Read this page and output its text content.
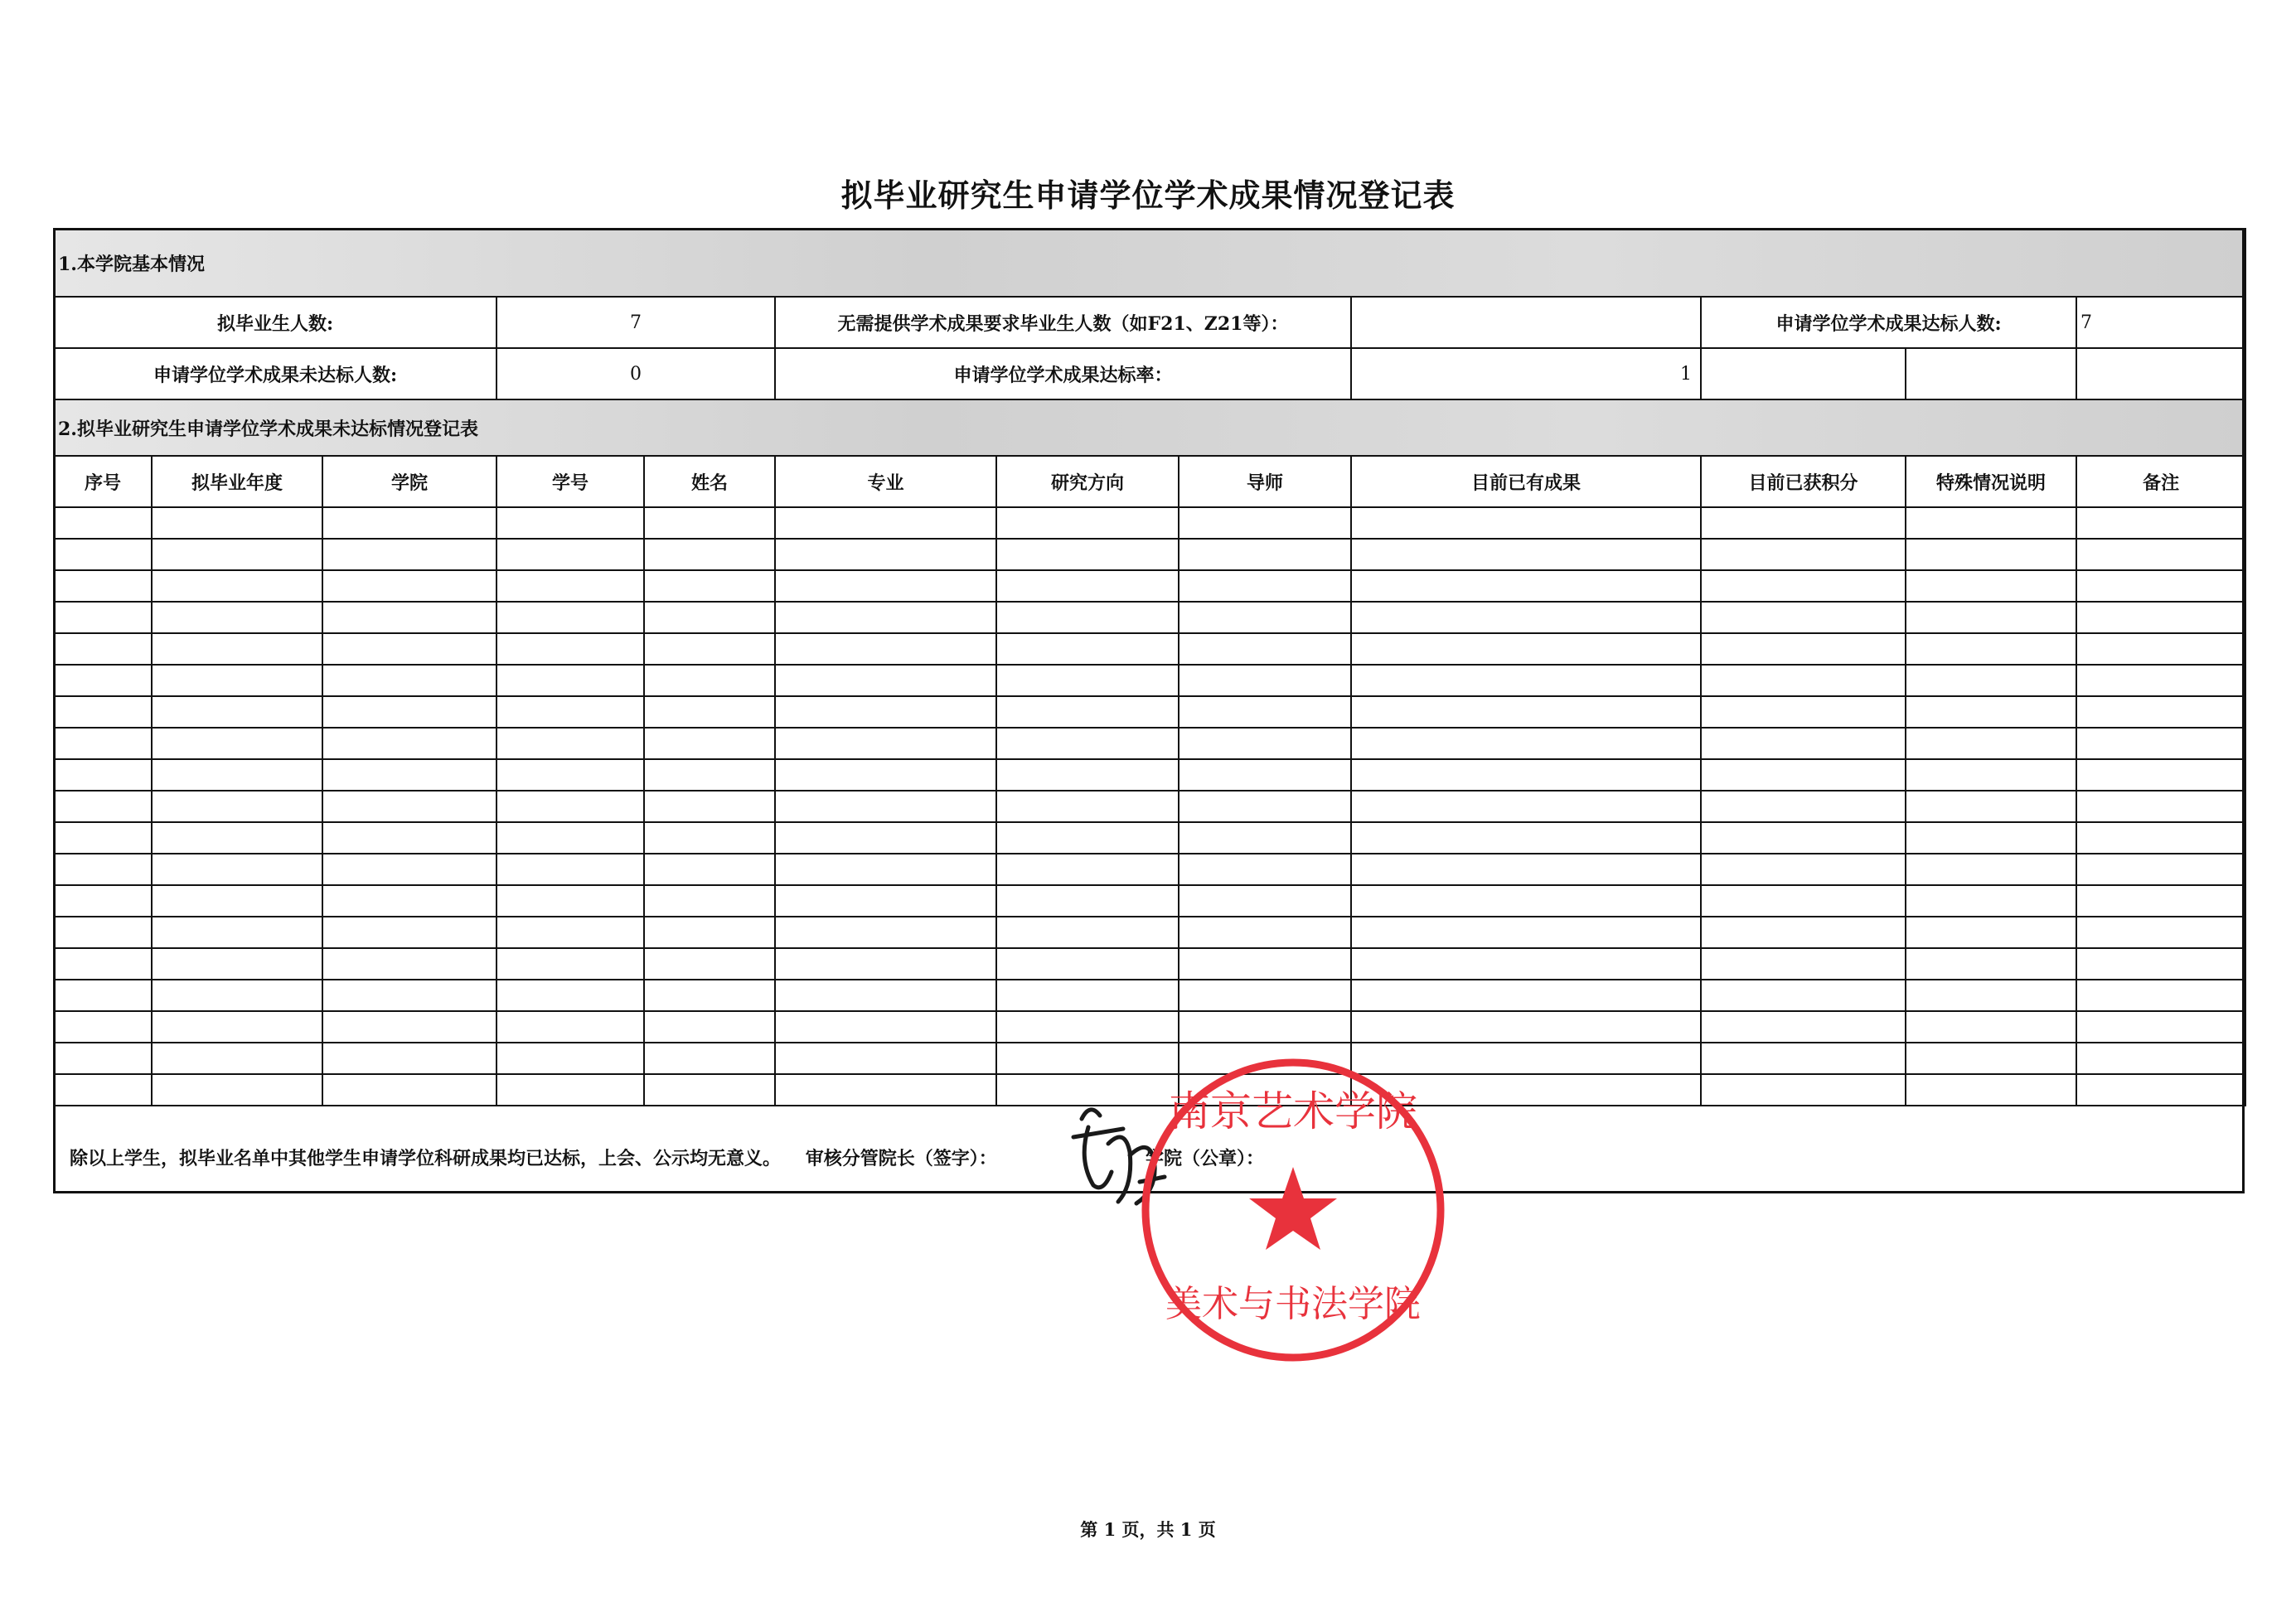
拟毕业研究生申请学位学术成果情况登记表
1.本学院基本情况											
拟毕业生人数:			7		无需提供学术成果要求毕业生人数（如F21、Z21等）：				申请学位学术成果达标人数:		7
申请学位学术成果未达标人数:			0		申请学位学术成果达标率：			1			
2.拟毕业研究生申请学位学术成果未达标情况登记表											
序号	拟毕业年度	学院	学号	姓名	专业	研究方向	导师	目前已有成果	目前已获积分	特殊情况说明	备注

除以上学生，拟毕业名单中其他学生申请学位科研成果均已达标，上会、公示均无意义。 审核分管院长（签字）：	学院（公章）：
美术与书法学院
南京艺术学院
第 1 页，共 1 页
